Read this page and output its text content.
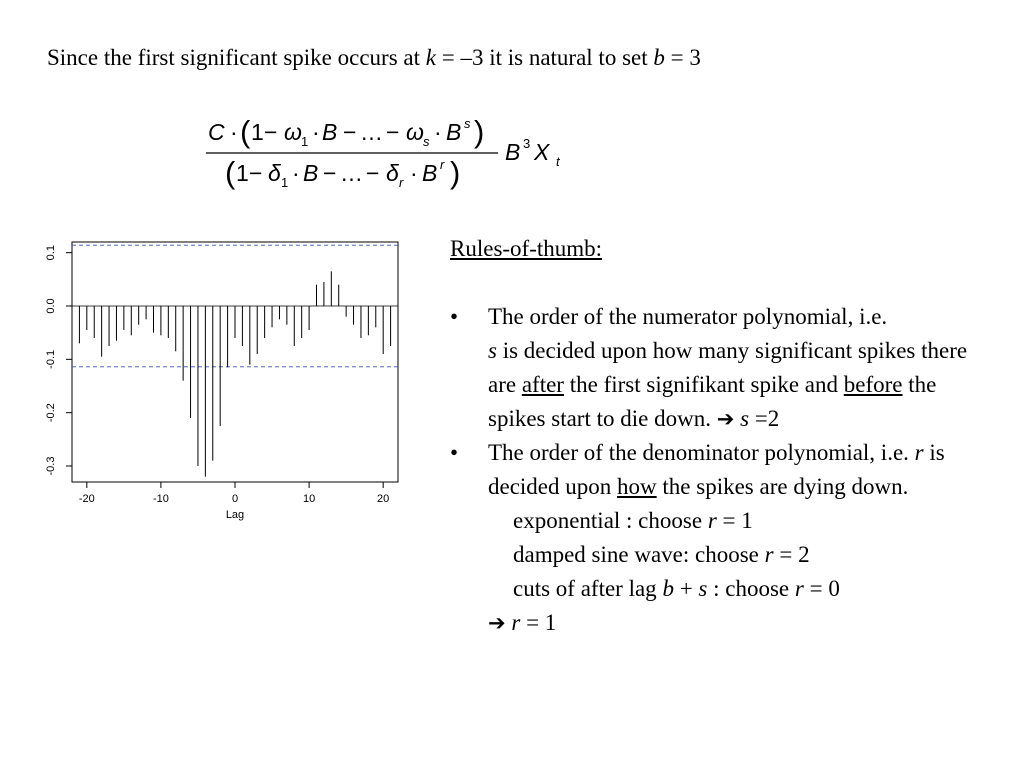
Since the first significant spike occurs at k = –3 it is natural to set b = 3
C · ( 1 − ω 1 · B − … − ω s · B s )
( 1 − δ 1 · B − … − δ r · B r )
B 3 X t
-20	-10	0	10	20
-0.3
-0.2
-0.1
0.0
0.1
Lag

Rules-of-thumb:

• The order of the numerator polynomial, i.e.
s is decided upon how many significant spikes there are after the first signifikant spike and before the spikes start to die down. ➔ s =2
• The order of the denominator polynomial, i.e. r is decided upon how the spikes are dying down.
exponential : choose r = 1
damped sine wave: choose r = 2
cuts of after lag b + s : choose r = 0
➔ r = 1
